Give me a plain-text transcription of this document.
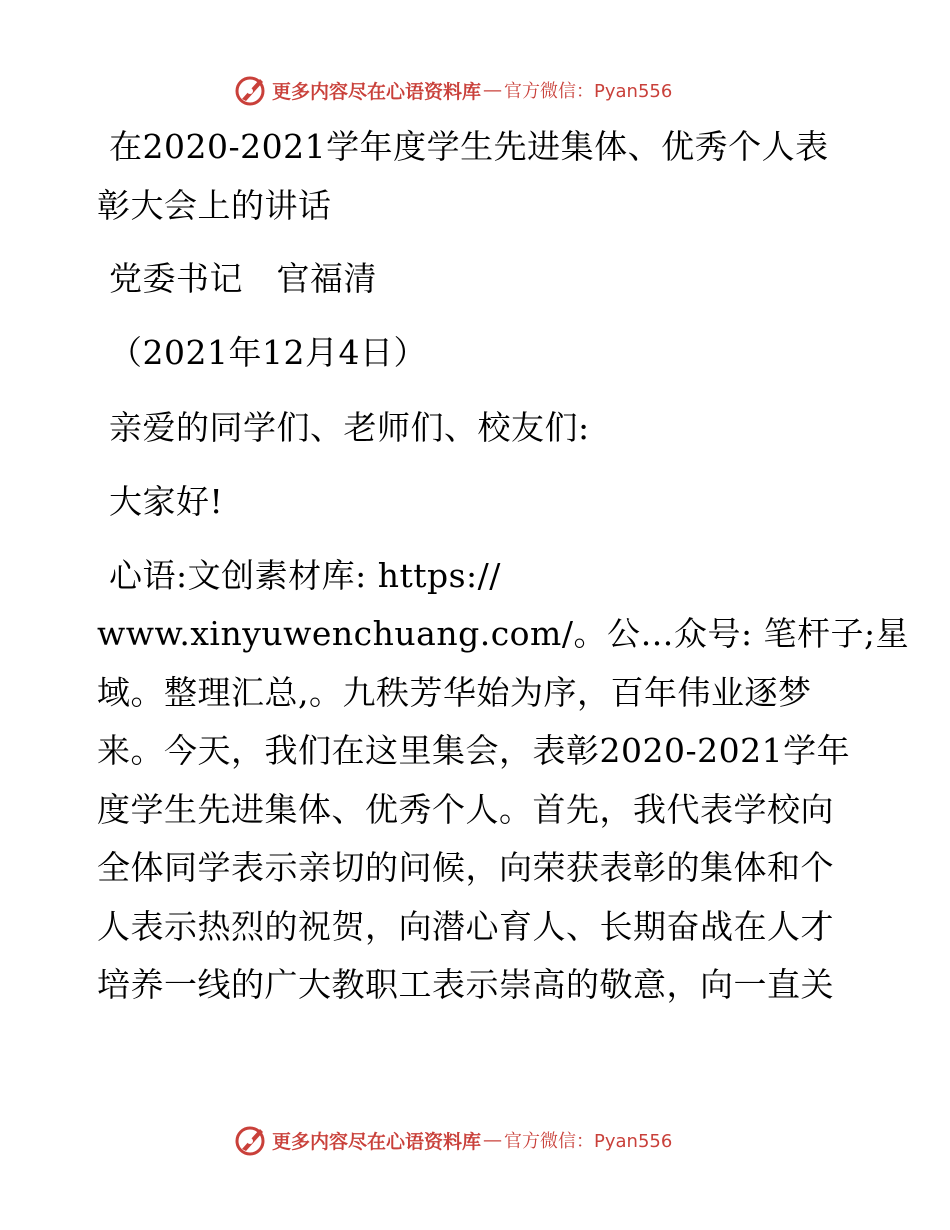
更多内容尽在心语资料库 — 官方微信：Pyan556
在2020-2021学年度学生先进集体、优秀个人表
彰大会上的讲话
党委书记　官福清
（2021年12月4日）
亲爱的同学们、老师们、校友们:
大家好!
心语:文创素材库: https://
www.xinyuwenchuang.com/。公…众号: 笔杆子;星
域。整理汇总,。九秩芳华始为序，百年伟业逐梦
来。今天，我们在这里集会，表彰2020-2021学年
度学生先进集体、优秀个人。首先，我代表学校向
全体同学表示亲切的问候，向荣获表彰的集体和个
人表示热烈的祝贺，向潜心育人、长期奋战在人才
培养一线的广大教职工表示崇高的敬意，向一直关
更多内容尽在心语资料库 — 官方微信：Pyan556
